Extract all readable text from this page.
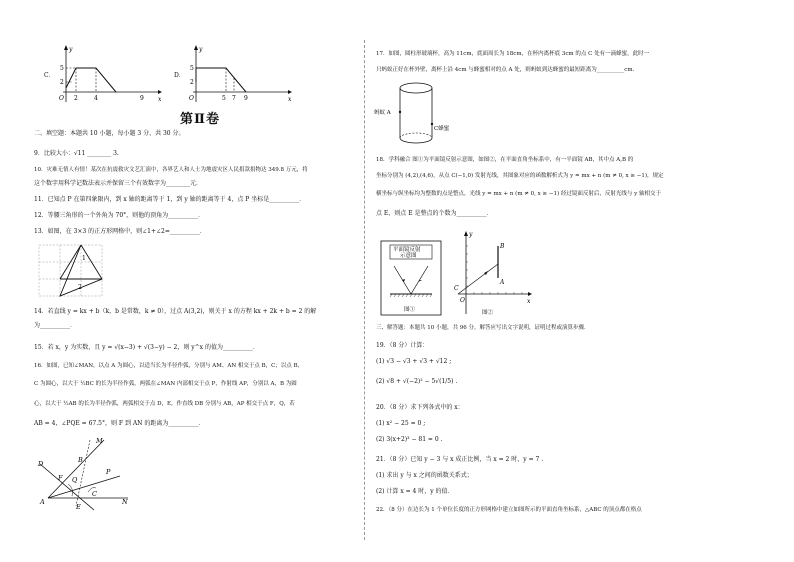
C．
y
x
O
5
2
2	4	9
D．
y
x
O
5
2
5 7 9
第Ⅱ卷
二、填空题：本题共 10 小题，每小题 3 分，共 30 分。
9．比较大小：√11 ________ 3.
10．灾难无情人有情！某次在抗震救灾文艺汇演中，各界艺人和人士为地震灾区人民捐款捐物达 349.8 万元，将
这个数字用科学记数法表示并保留三个有效数字为________元．
11．已知点 P 在第四象限内，到 x 轴的距离等于 1，到 y 轴的距离等于 4，点 P 坐标是__________．
12．等腰三角形的一个外角为 70°，则他的顶角为__________．
13．如图，在 3×3 的正方形网格中，则∠1+∠2=__________．
1
2
14．若直线 y = kx + b（k，b 是常数，k ≠ 0），过点 A(3,2)，则关于 x 的方程 kx + 2k + b = 2 的解
为__________．
15．若 x，y 为实数，且 y = √(x−3) + √(3−y) − 2，则 y^x 的值为__________．
16．如图，已知∠MAN，以点 A 为圆心，以适当长为半径作弧，分别与 AM、AN 相交于点 B，C；以点 B，
C 为圆心，以大于 ½BC 的长为半径作弧，两弧在∠MAN 内部相交于点 P，作射线 AP，分别以 A，B 为圆
心，以大于 ½AB 的长为半径作弧，两弧相交于点 D，E，作直线 DB 分别与 AB，AP 相交于点 F，Q，若
AB = 4，∠PQE = 67.5°，则 F 到 AN 的距离为__________．
M
D	B
F
P
Q
C
A
E
N
17．如图，圆柱形玻璃杯，高为 11cm，底面周长为 18cm，在杯内离杯底 3cm 的点 C 处有一滴蜂蜜，此时一
只蚂蚁正好在杯外壁，离杯上沿 4cm 与蜂蜜相对的点 A 处，则蚂蚁到达蜂蜜的最短距离为__________cm．
蚂蚁 A
C蜂蜜
18．学科融合 图①为平面镜反射示意图，如图②，在平面直角坐标系中，有一平面镜 AB，其中点 A,B 的
坐标分别为 (4,2),(4,6)，从点 C(−1,0) 发射光线，其图象对应的函数解析式为 y = mx + n (m ≠ 0, x ≥ −1)，规定
横坐标与纵坐标均为整数的点是整点，光线 y = mx + n (m ≠ 0, x ≥ −1) 经过镜面反射后，反射光线与 y 轴相交于
点 E，则点 E 是整点的个数为__________．
平面镜反射
示意图
图①
y
x
B
A
C
O
图②
三、解答题：本题共 10 小题，共 96 分。解答应写出文字说明，证明过程或演算步骤．
19．（8 分）计算：
(1) √3 − √3 + √3 + √12 ;
(2) √8 + √(−2)² − 5√(1/5) .
20．（8 分）求下列各式中的 x：
(1) x² − 25 = 0 ;
(2) 3(x+2)³ − 81 = 0 .
21．（8 分）已知 y − 3 与 x 成正比例，当 x = 2 时，y = 7 .
(1) 求出 y 与 x 之间的函数关系式；
(2) 计算 x = 4 时，y 的值．
22．（8 分）在边长为 1 个单位长度的正方形网格中建立如图所示的平面直角坐标系，△ABC 的顶点都在格点
